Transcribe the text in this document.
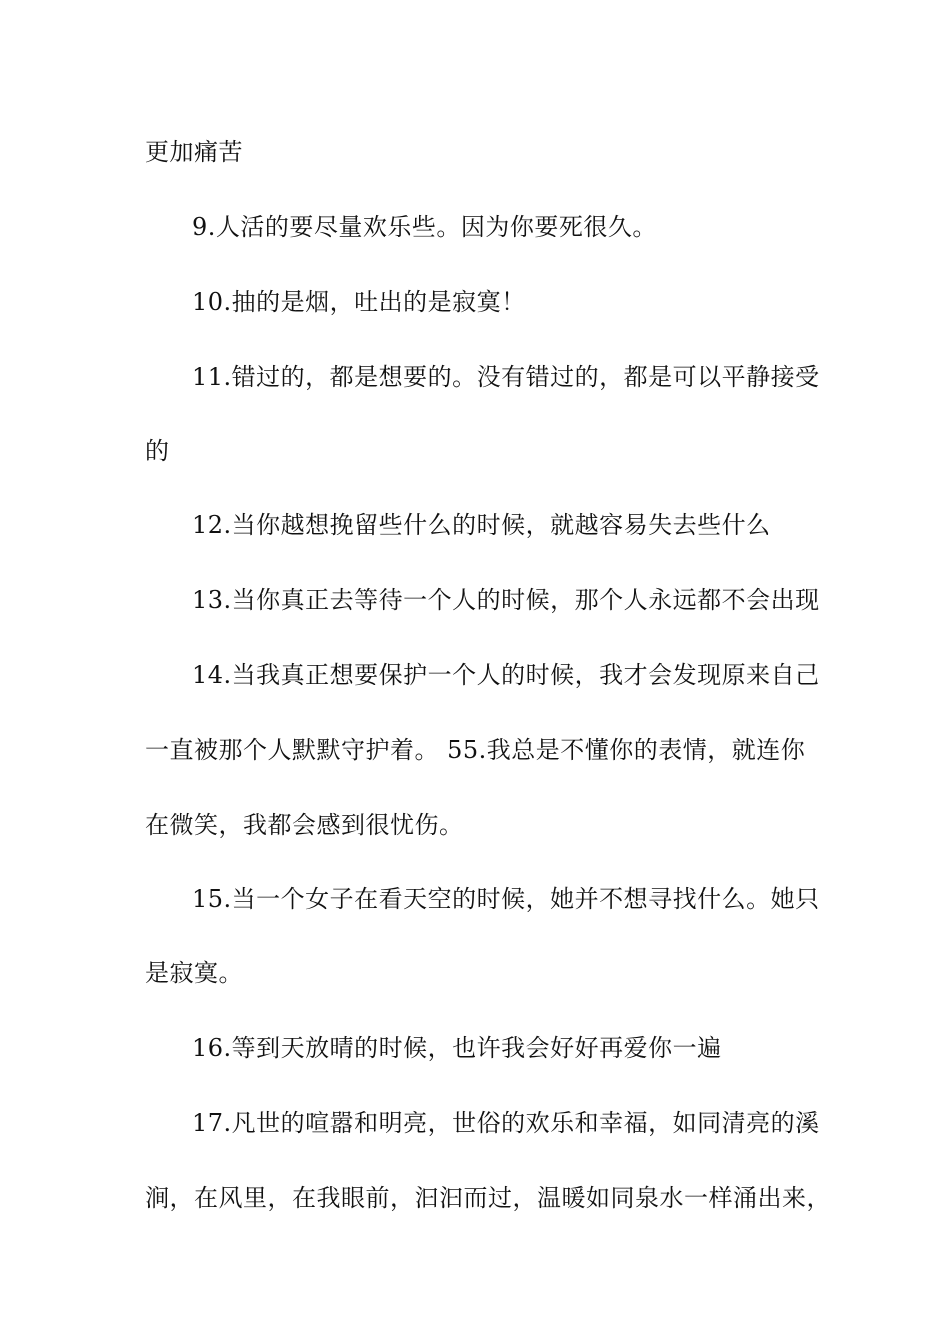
更加痛苦
9.人活的要尽量欢乐些。因为你要死很久。
10.抽的是烟，吐出的是寂寞！
11.错过的，都是想要的。没有错过的，都是可以平静接受
的
12.当你越想挽留些什么的时候，就越容易失去些什么
13.当你真正去等待一个人的时候，那个人永远都不会出现
14.当我真正想要保护一个人的时候，我才会发现原来自己
一直被那个人默默守护着。 55.我总是不懂你的表情，就连你
在微笑，我都会感到很忧伤。
15.当一个女子在看天空的时候，她并不想寻找什么。她只
是寂寞。
16.等到天放晴的时候，也许我会好好再爱你一遍
17.凡世的喧嚣和明亮，世俗的欢乐和幸福，如同清亮的溪
涧，在风里，在我眼前，汩汩而过，温暖如同泉水一样涌出来，
